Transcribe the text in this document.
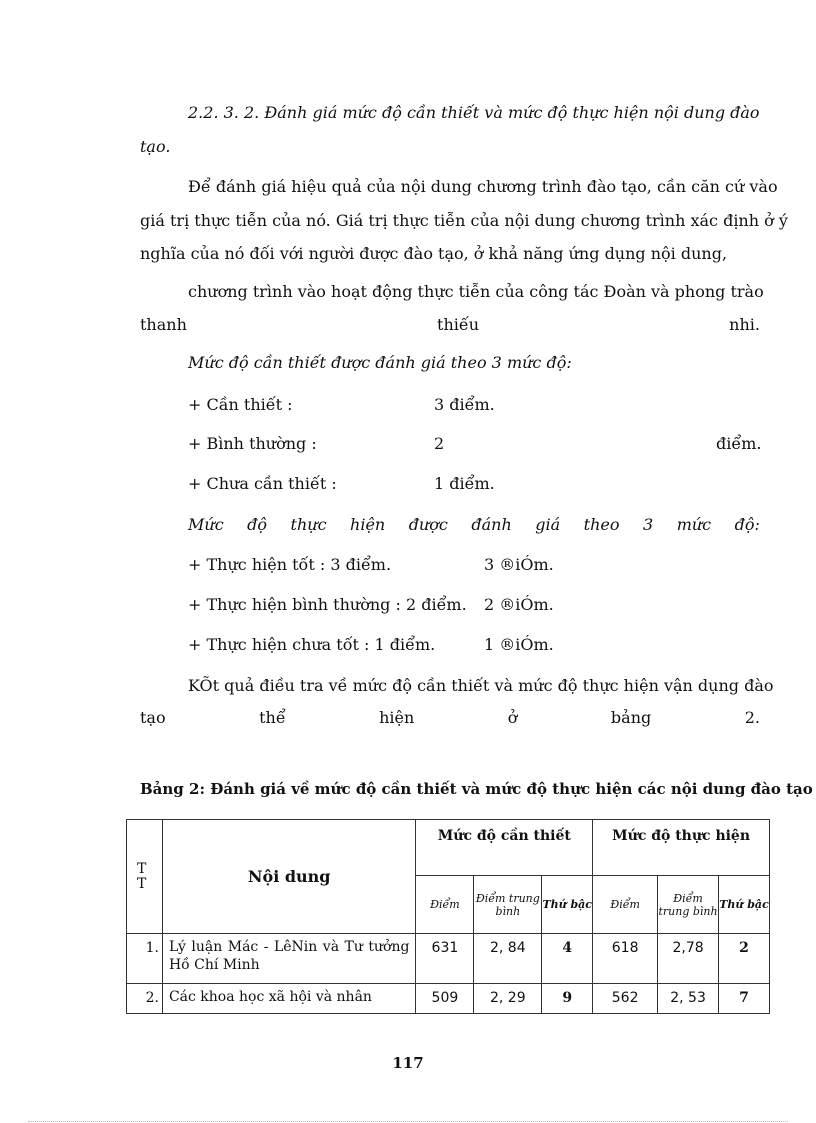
2.2. 3. 2. Đánh giá mức độ cần thiết và mức độ thực hiện nội dung đào
tạo.
Để đánh giá hiệu quả của nội dung chương trình đào tạo, cần căn cứ vào
giá trị thực tiễn của nó. Giá trị thực tiễn của nội dung chương trình xác định ở ý
nghĩa của nó đối với người được đào tạo, ở khả năng ứng dụng nội dung,
chương trình vào hoạt động thực tiễn của công tác Đoàn và phong trào
thanh	thiếu	nhi.
Mức độ cần thiết được đánh giá theo 3 mức độ:
+ Cần thiết :	3 điểm.
+ Bình thường :	2	điểm.
+ Chưa cần thiết :	1 điểm.
Mức độ thực hiện được đánh giá theo 3 mức độ:
+ Thực hiện tốt : 3 điểm.	3 ®iÓm.
+ Thực hiện bình thường : 2 điểm. 2 ®iÓm.
+ Thực hiện chưa tốt : 1 điểm.	1 ®iÓm.
KÕt quả điều tra về mức độ cần thiết và mức độ thực hiện vận dụng đào
tạo	thể	hiện	ở	bảng	2.
Bảng 2: Đánh giá về mức độ cần thiết và mức độ thực hiện các nội dung đào tạo
T
T	Nội dung	Mức độ cần thiết			Mức độ thực hiện		
		Điểm	Điểm trung bình	Thứ bậc	Điểm	Điểm trung bình	Thứ bậc
1.	Lý luận Mác - LêNin và Tư tưởng Hồ Chí Minh	631	2, 84	4	618	2,78	2
2.	Các khoa học xã hội và nhân	509	2, 29	9	562	2, 53	7
117
